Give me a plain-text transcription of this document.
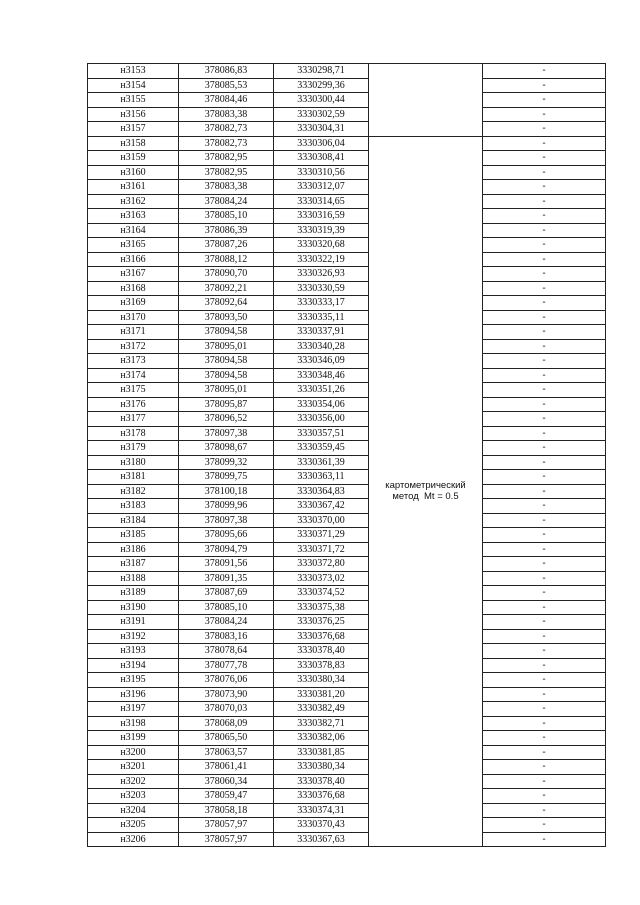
н3153	378086,83	3330298,71		-
н3154	378085,53	3330299,36		-
н3155	378084,46	3330300,44		-
н3156	378083,38	3330302,59		-
н3157	378082,73	3330304,31		-
н3158	378082,73	3330306,04	картометрический
метод  Mt = 0.5	-
н3159	378082,95	3330308,41		-
н3160	378082,95	3330310,56		-
н3161	378083,38	3330312,07		-
н3162	378084,24	3330314,65		-
н3163	378085,10	3330316,59		-
н3164	378086,39	3330319,39		-
н3165	378087,26	3330320,68		-
н3166	378088,12	3330322,19		-
н3167	378090,70	3330326,93		-
н3168	378092,21	3330330,59		-
н3169	378092,64	3330333,17		-
н3170	378093,50	3330335,11		-
н3171	378094,58	3330337,91		-
н3172	378095,01	3330340,28		-
н3173	378094,58	3330346,09		-
н3174	378094,58	3330348,46		-
н3175	378095,01	3330351,26		-
н3176	378095,87	3330354,06		-
н3177	378096,52	3330356,00		-
н3178	378097,38	3330357,51		-
н3179	378098,67	3330359,45		-
н3180	378099,32	3330361,39		-
н3181	378099,75	3330363,11		-
н3182	378100,18	3330364,83		-
н3183	378099,96	3330367,42		-
н3184	378097,38	3330370,00		-
н3185	378095,66	3330371,29		-
н3186	378094,79	3330371,72		-
н3187	378091,56	3330372,80		-
н3188	378091,35	3330373,02		-
н3189	378087,69	3330374,52		-
н3190	378085,10	3330375,38		-
н3191	378084,24	3330376,25		-
н3192	378083,16	3330376,68		-
н3193	378078,64	3330378,40		-
н3194	378077,78	3330378,83		-
н3195	378076,06	3330380,34		-
н3196	378073,90	3330381,20		-
н3197	378070,03	3330382,49		-
н3198	378068,09	3330382,71		-
н3199	378065,50	3330382,06		-
н3200	378063,57	3330381,85		-
н3201	378061,41	3330380,34		-
н3202	378060,34	3330378,40		-
н3203	378059,47	3330376,68		-
н3204	378058,18	3330374,31		-
н3205	378057,97	3330370,43		-
н3206	378057,97	3330367,63		-
